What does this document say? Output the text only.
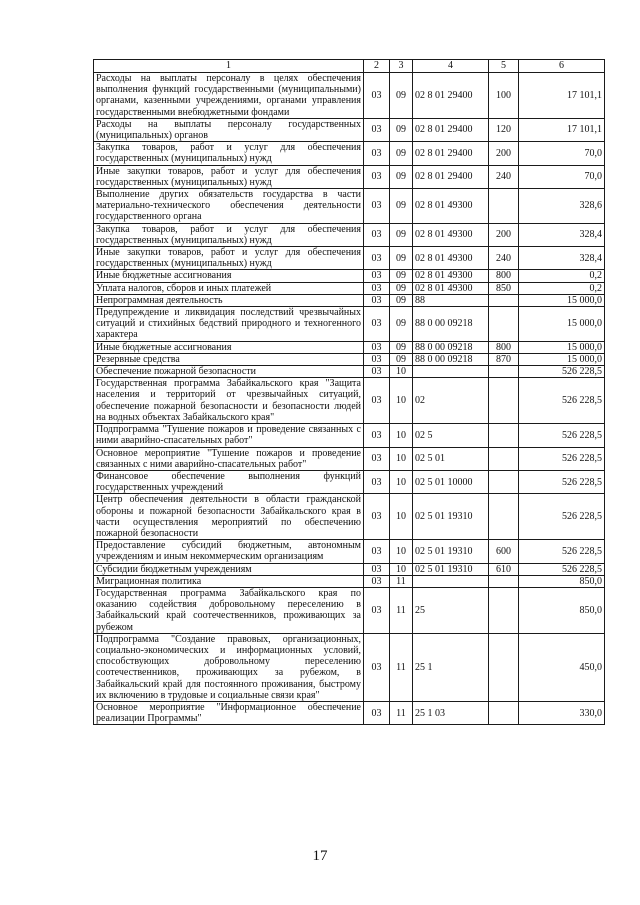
1	2	3	4	5	6
Расходы на выплаты персоналу в целях обеспечения выполнения функций государственными (муниципальными) органами, казенными учреждениями, органами управления государственными внебюджетными фондами	03	09	02 8 01 29400	100	17 101,1
Расходы на выплаты персоналу государственных (муниципальных) органов	03	09	02 8 01 29400	120	17 101,1
Закупка товаров, работ и услуг для обеспечения государственных (муниципальных) нужд	03	09	02 8 01 29400	200	70,0
Иные закупки товаров, работ и услуг для обеспечения государственных (муниципальных) нужд	03	09	02 8 01 29400	240	70,0
Выполнение других обязательств государства в части материально-технического обеспечения деятельности государственного органа	03	09	02 8 01 49300		328,6
Закупка товаров, работ и услуг для обеспечения государственных (муниципальных) нужд	03	09	02 8 01 49300	200	328,4
Иные закупки товаров, работ и услуг для обеспечения государственных (муниципальных) нужд	03	09	02 8 01 49300	240	328,4
Иные бюджетные ассигнования	03	09	02 8 01 49300	800	0,2
Уплата налогов, сборов и иных платежей	03	09	02 8 01 49300	850	0,2
Непрограммная деятельность	03	09	88		15 000,0
Предупреждение и ликвидация последствий чрезвычайных ситуаций и стихийных бедствий природного и техногенного характера	03	09	88 0 00 09218		15 000,0
Иные бюджетные ассигнования	03	09	88 0 00 09218	800	15 000,0
Резервные средства	03	09	88 0 00 09218	870	15 000,0
Обеспечение пожарной безопасности	03	10			526 228,5
Государственная программа Забайкальского края "Защита населения и территорий от чрезвычайных ситуаций, обеспечение пожарной безопасности и безопасности людей на водных объектах Забайкальского края"	03	10	02		526 228,5
Подпрограмма "Тушение пожаров и проведение связанных с ними аварийно-спасательных работ"	03	10	02 5		526 228,5
Основное мероприятие "Тушение пожаров и проведение связанных с ними аварийно-спасательных работ"	03	10	02 5 01		526 228,5
Финансовое обеспечение выполнения функций государственных учреждений	03	10	02 5 01 10000		526 228,5
Центр обеспечения деятельности в области гражданской обороны и пожарной безопасности Забайкальского края в части осуществления мероприятий по обеспечению пожарной безопасности	03	10	02 5 01 19310		526 228,5
Предоставление субсидий бюджетным, автономным учреждениям и иным некоммерческим организациям	03	10	02 5 01 19310	600	526 228,5
Субсидии бюджетным учреждениям	03	10	02 5 01 19310	610	526 228,5
Миграционная политика	03	11			850,0
Государственная программа Забайкальского края по оказанию содействия добровольному переселению в Забайкальский край соотечественников, проживающих за рубежом	03	11	25		850,0
Подпрограмма "Создание правовых, организационных, социально-экономических и информационных условий, способствующих добровольному переселению соотечественников, проживающих за рубежом, в Забайкальский край для постоянного проживания, быстрому их включению в трудовые и социальные связи края"	03	11	25 1		450,0
Основное мероприятие "Информационное обеспечение реализации Программы"	03	11	25 1 03		330,0
17
